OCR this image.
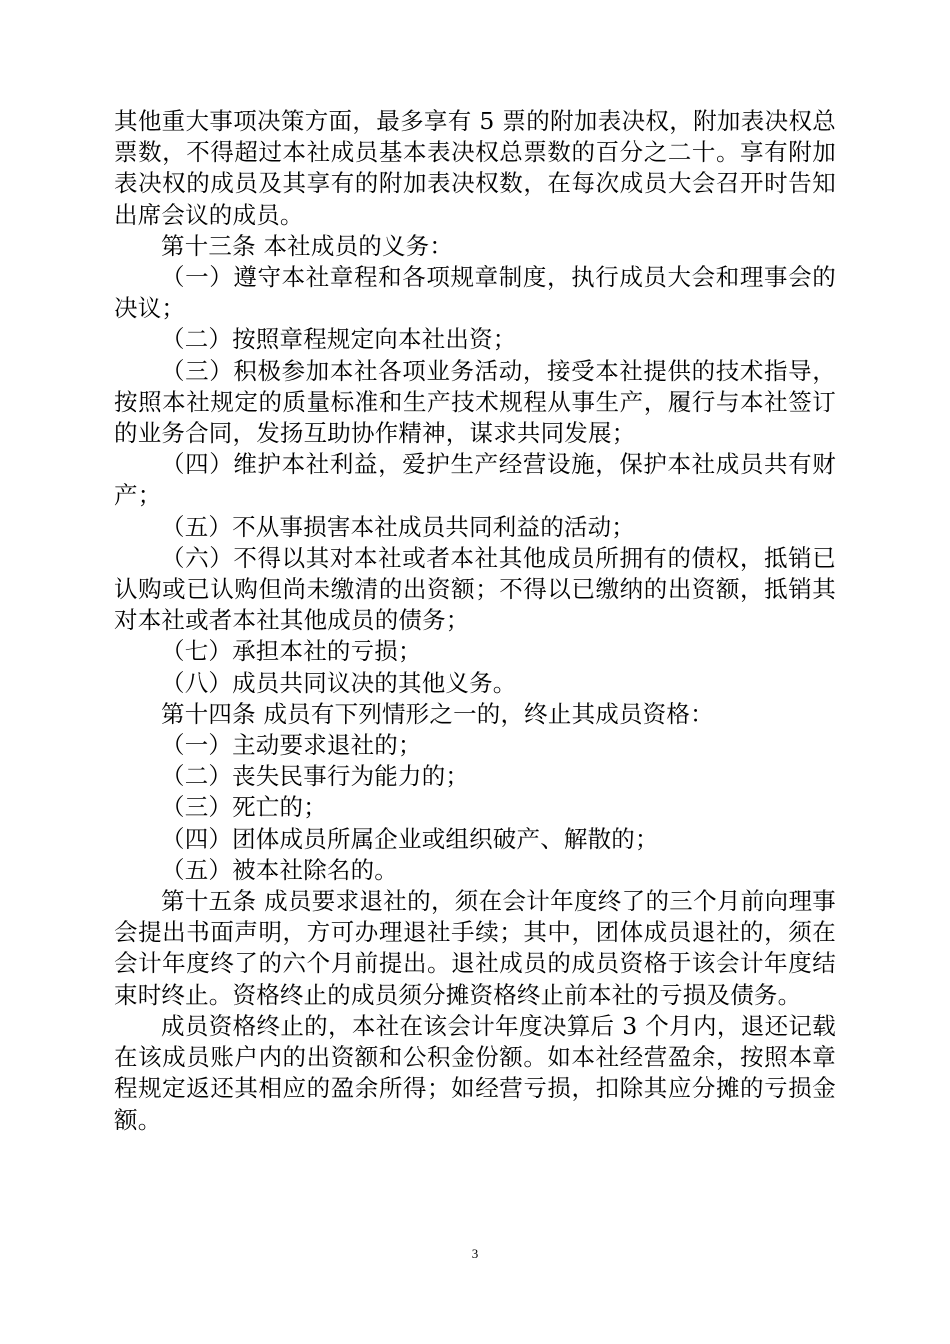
其他重大事项决策方面，最多享有 5 票的附加表决权，附加表决权总票数，不得超过本社成员基本表决权总票数的百分之二十。享有附加表决权的成员及其享有的附加表决权数，在每次成员大会召开时告知出席会议的成员。

第十三条 本社成员的义务：

（一）遵守本社章程和各项规章制度，执行成员大会和理事会的决议；

（二）按照章程规定向本社出资；

（三）积极参加本社各项业务活动，接受本社提供的技术指导，按照本社规定的质量标准和生产技术规程从事生产，履行与本社签订的业务合同，发扬互助协作精神，谋求共同发展；

（四）维护本社利益，爱护生产经营设施，保护本社成员共有财产；

（五）不从事损害本社成员共同利益的活动；

（六）不得以其对本社或者本社其他成员所拥有的债权，抵销已认购或已认购但尚未缴清的出资额；不得以已缴纳的出资额，抵销其对本社或者本社其他成员的债务；

（七）承担本社的亏损；

（八）成员共同议决的其他义务。

第十四条 成员有下列情形之一的，终止其成员资格：

（一）主动要求退社的；

（二）丧失民事行为能力的；

（三）死亡的；

（四）团体成员所属企业或组织破产、解散的；

（五）被本社除名的。

第十五条 成员要求退社的，须在会计年度终了的三个月前向理事会提出书面声明，方可办理退社手续；其中，团体成员退社的，须在会计年度终了的六个月前提出。退社成员的成员资格于该会计年度结束时终止。资格终止的成员须分摊资格终止前本社的亏损及债务。

成员资格终止的，本社在该会计年度决算后 3 个月内，退还记载在该成员账户内的出资额和公积金份额。如本社经营盈余，按照本章程规定返还其相应的盈余所得；如经营亏损，扣除其应分摊的亏损金额。

3
